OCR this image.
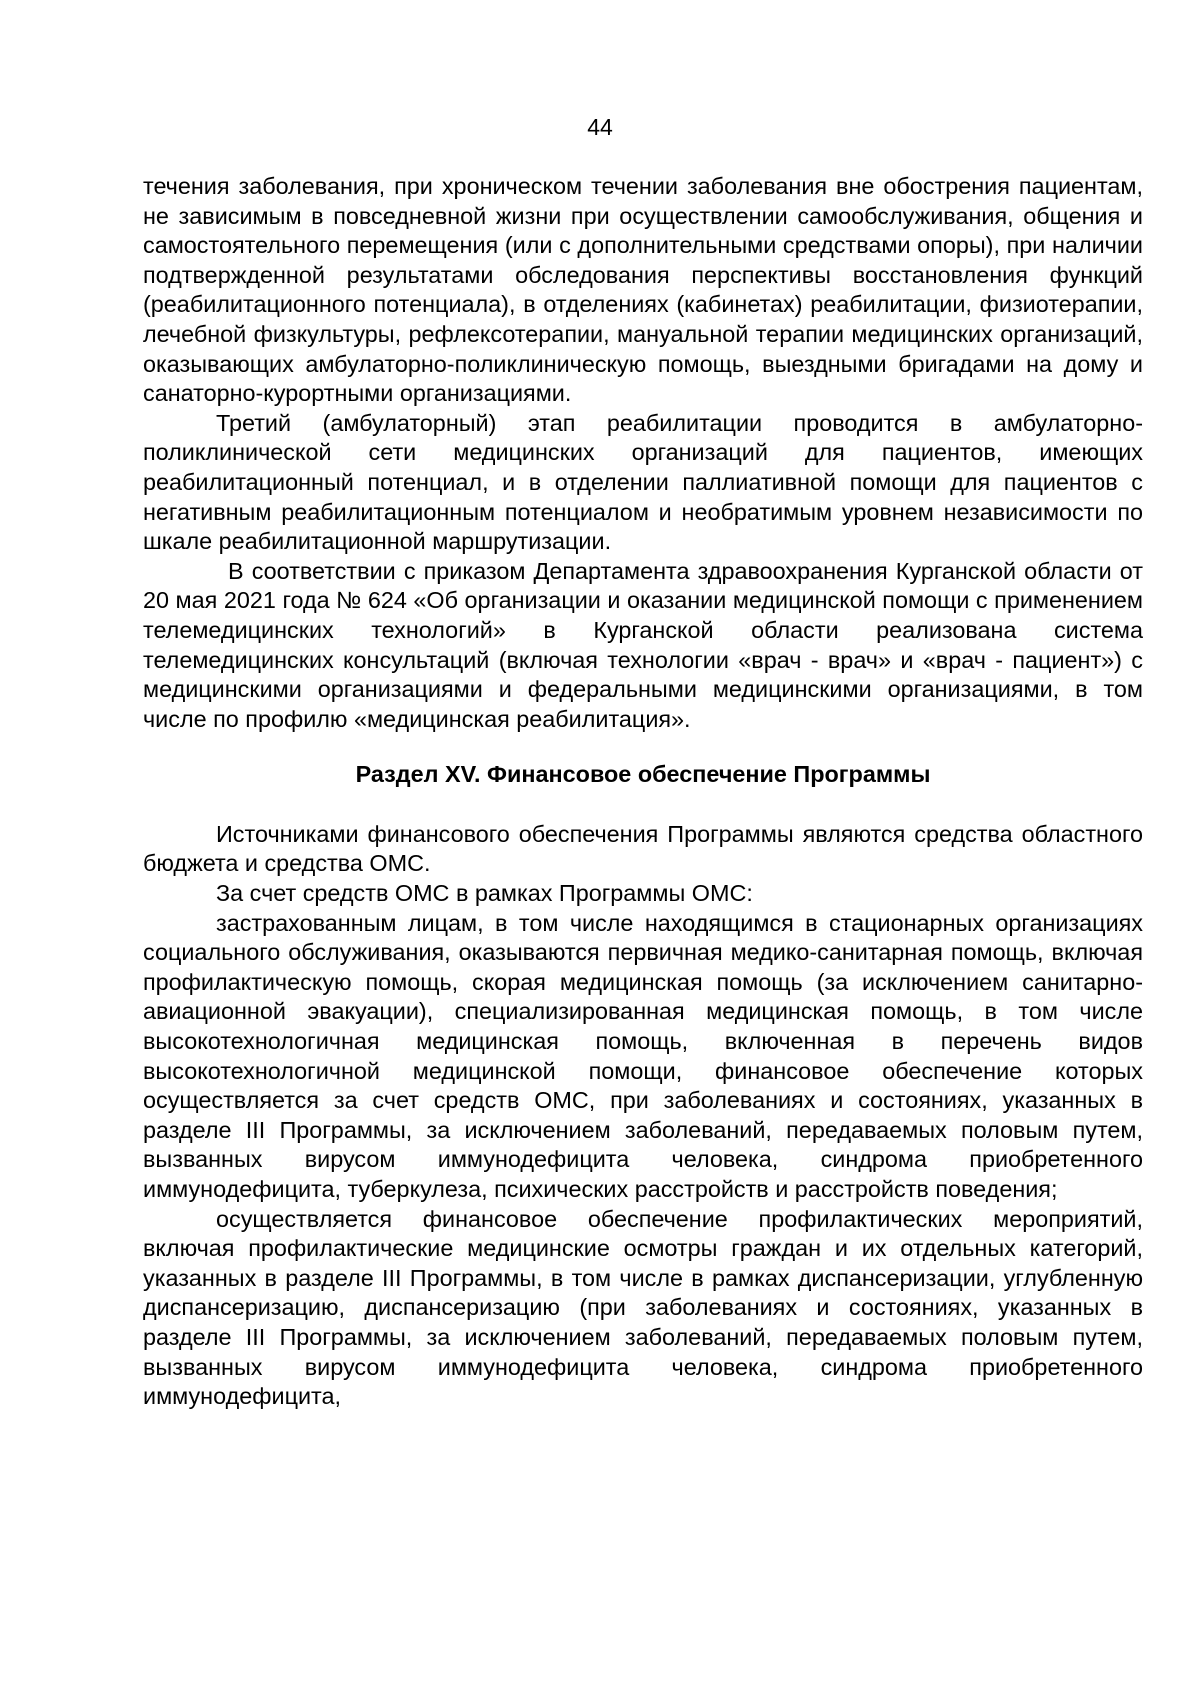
44

течения заболевания, при хроническом течении заболевания вне обострения пациентам, не зависимым в повседневной жизни при осуществлении самообслуживания, общения и самостоятельного перемещения (или с дополнительными средствами опоры), при наличии подтвержденной результатами обследования перспективы восстановления функций (реабилитационного потенциала), в отделениях (кабинетах) реабилитации, физиотерапии, лечебной физкультуры, рефлексотерапии, мануальной терапии медицинских организаций, оказывающих амбулаторно-поликлиническую помощь, выездными бригадами на дому и санаторно-курортными организациями.

Третий (амбулаторный) этап реабилитации проводится в амбулаторно-поликлинической сети медицинских организаций для пациентов, имеющих реабилитационный потенциал, и в отделении паллиативной помощи для пациентов с негативным реабилитационным потенциалом и необратимым уровнем независимости по шкале реабилитационной маршрутизации.

В соответствии с приказом Департамента здравоохранения Курганской области от 20 мая 2021 года № 624 «Об организации и оказании медицинской помощи с применением телемедицинских технологий» в Курганской области реализована система телемедицинских консультаций (включая технологии «врач - врач» и «врач - пациент») с медицинскими организациями и федеральными медицинскими организациями, в том числе по профилю «медицинская реабилитация».

Раздел XV. Финансовое обеспечение Программы

Источниками финансового обеспечения Программы являются средства областного бюджета и средства ОМС.

За счет средств ОМС в рамках Программы ОМС:

застрахованным лицам, в том числе находящимся в стационарных организациях социального обслуживания, оказываются первичная медико-санитарная помощь, включая профилактическую помощь, скорая медицинская помощь (за исключением санитарно-авиационной эвакуации), специализированная медицинская помощь, в том числе высокотехнологичная медицинская помощь, включенная в перечень видов высокотехнологичной медицинской помощи, финансовое обеспечение которых осуществляется за счет средств ОМС, при заболеваниях и состояниях, указанных в разделе III Программы, за исключением заболеваний, передаваемых половым путем, вызванных вирусом иммунодефицита человека, синдрома приобретенного иммунодефицита, туберкулеза, психических расстройств и расстройств поведения;

осуществляется финансовое обеспечение профилактических мероприятий, включая профилактические медицинские осмотры граждан и их отдельных категорий, указанных в разделе III Программы, в том числе в рамках диспансеризации, углубленную диспансеризацию, диспансеризацию (при заболеваниях и состояниях, указанных в разделе III Программы, за исключением заболеваний, передаваемых половым путем, вызванных вирусом иммунодефицита человека, синдрома приобретенного иммунодефицита,
